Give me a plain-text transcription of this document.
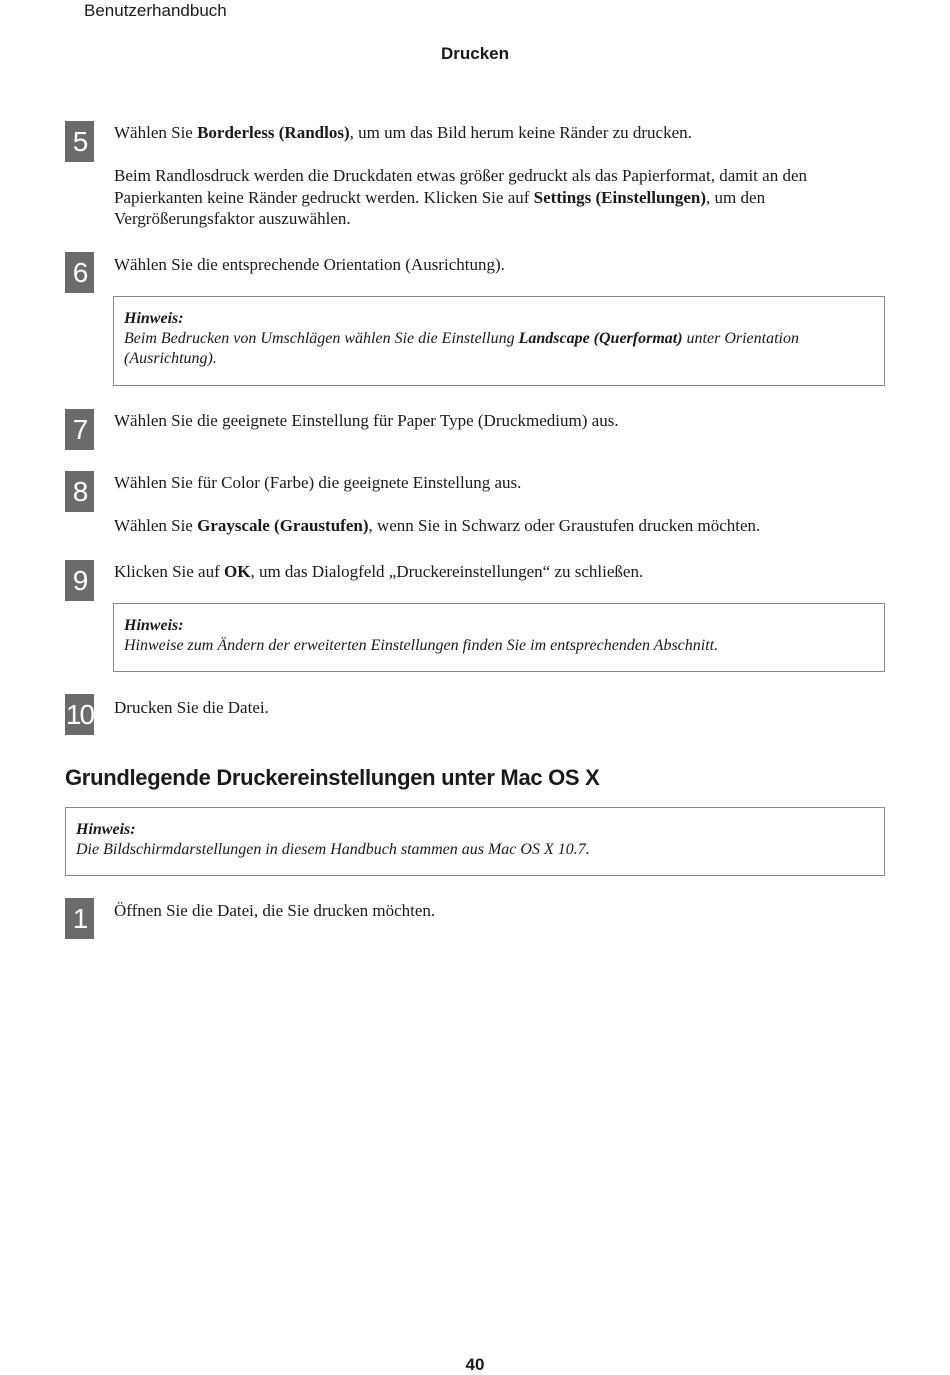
Benutzerhandbuch
Drucken
5	Wählen Sie Borderless (Randlos), um um das Bild herum keine Ränder zu drucken.
Beim Randlosdruck werden die Druckdaten etwas größer gedruckt als das Papierformat, damit an den Papierkanten keine Ränder gedruckt werden. Klicken Sie auf Settings (Einstellungen), um den Vergrößerungsfaktor auszuwählen.
6	Wählen Sie die entsprechende Orientation (Ausrichtung).
Hinweis:
Beim Bedrucken von Umschlägen wählen Sie die Einstellung Landscape (Querformat) unter Orientation (Ausrichtung).
7	Wählen Sie die geeignete Einstellung für Paper Type (Druckmedium) aus.
8	Wählen Sie für Color (Farbe) die geeignete Einstellung aus.
Wählen Sie Grayscale (Graustufen), wenn Sie in Schwarz oder Graustufen drucken möchten.
9	Klicken Sie auf OK, um das Dialogfeld „Druckereinstellungen“ zu schließen.
Hinweis:
Hinweise zum Ändern der erweiterten Einstellungen finden Sie im entsprechenden Abschnitt.
10 Drucken Sie die Datei.
Grundlegende Druckereinstellungen unter Mac OS X
Hinweis:
Die Bildschirmdarstellungen in diesem Handbuch stammen aus Mac OS X 10.7.
1	Öffnen Sie die Datei, die Sie drucken möchten.
40
